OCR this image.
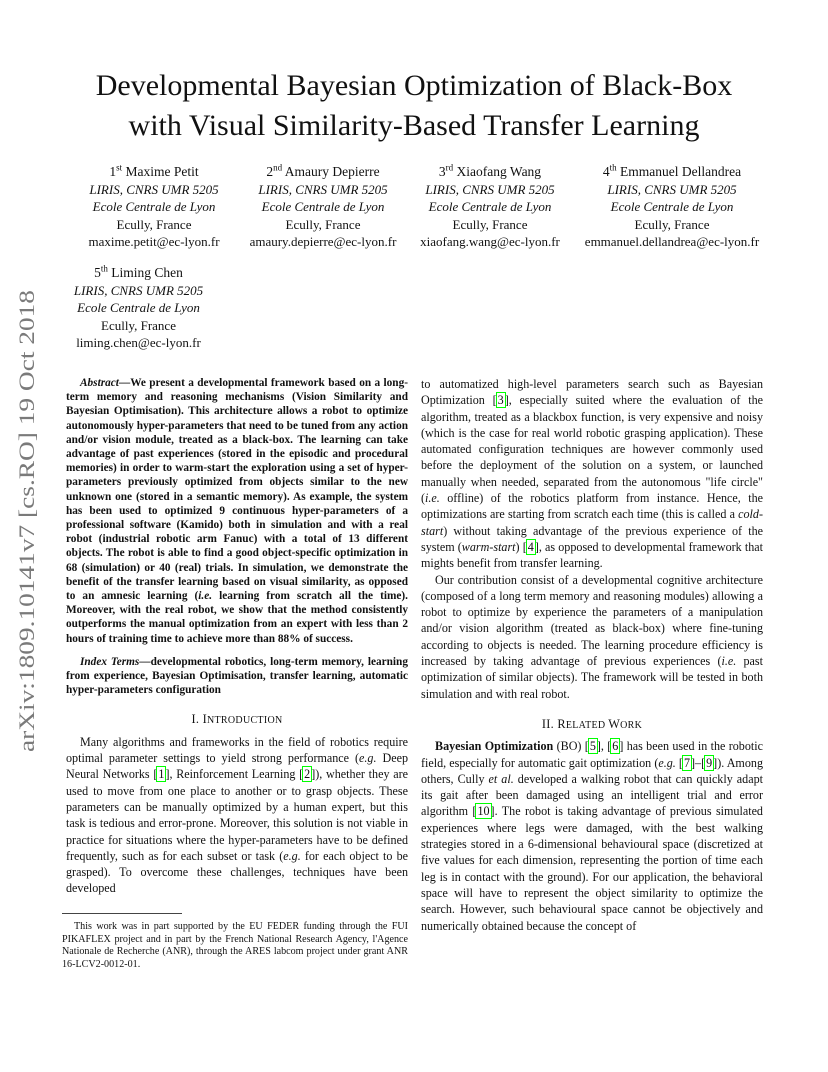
Developmental Bayesian Optimization of Black-Box
with Visual Similarity-Based Transfer Learning
1st Maxime Petit
LIRIS, CNRS UMR 5205
Ecole Centrale de Lyon
Ecully, France
maxime.petit@ec-lyon.fr
2nd Amaury Depierre
LIRIS, CNRS UMR 5205
Ecole Centrale de Lyon
Ecully, France
amaury.depierre@ec-lyon.fr
3rd Xiaofang Wang
LIRIS, CNRS UMR 5205
Ecole Centrale de Lyon
Ecully, France
xiaofang.wang@ec-lyon.fr
4th Emmanuel Dellandrea
LIRIS, CNRS UMR 5205
Ecole Centrale de Lyon
Ecully, France
emmanuel.dellandrea@ec-lyon.fr
5th Liming Chen
LIRIS, CNRS UMR 5205
Ecole Centrale de Lyon
Ecully, France
liming.chen@ec-lyon.fr
arXiv:1809.10141v7 [cs.RO] 19 Oct 2018	Abstract—We present a developmental framework based on a long-term memory and reasoning mechanisms (Vision Similarity and Bayesian Optimisation). This architecture allows a robot to optimize autonomously hyper-parameters that need to be tuned from any action and/or vision module, treated as a black-box. The learning can take advantage of past experiences (stored in the episodic and procedural memories) in order to warm-start the exploration using a set of hyper-parameters previously optimized from objects similar to the new unknown one (stored in a semantic memory). As example, the system has been used to optimized 9 continuous hyper-parameters of a professional software (Kamido) both in simulation and with a real robot (industrial robotic arm Fanuc) with a total of 13 different objects. The robot is able to find a good object-specific optimization in 68 (simulation) or 40 (real) trials. In simulation, we demonstrate the benefit of the transfer learning based on visual similarity, as opposed to an amnesic learning (i.e. learning from scratch all the time). Moreover, with the real robot, we show that the method consistently outperforms the manual optimization from an expert with less than 2 hours of training time to achieve more than 88% of success.

Index Terms—developmental robotics, long-term memory, learning from experience, Bayesian Optimisation, transfer learning, automatic hyper-parameters configuration

I. INTRODUCTION

Many algorithms and frameworks in the field of robotics require optimal parameter settings to yield strong performance (e.g. Deep Neural Networks [1], Reinforcement Learning [2]), whether they are used to move from one place to another or to grasp objects. These parameters can be manually optimized by a human expert, but this task is tedious and error-prone. Moreover, this solution is not viable in practice for situations where the hyper-parameters have to be defined frequently, such as for each subset or task (e.g. for each object to be grasped). To overcome these challenges, techniques have been developed

This work was in part supported by the EU FEDER funding through the FUI PIKAFLEX project and in part by the French National Research Agency, l'Agence Nationale de Recherche (ANR), through the ARES labcom project under grant ANR 16-LCV2-0012-01.

to automatized high-level parameters search such as Bayesian Optimization [3], especially suited where the evaluation of the algorithm, treated as a blackbox function, is very expensive and noisy (which is the case for real world robotic grasping application). These automated configuration techniques are however commonly used before the deployment of the solution on a system, or launched manually when needed, separated from the autonomous "life circle" (i.e. offline) of the robotics platform from instance. Hence, the optimizations are starting from scratch each time (this is called a cold-start) without taking advantage of the previous experience of the system (warm-start) [4], as opposed to developmental framework that mights benefit from transfer learning.

Our contribution consist of a developmental cognitive architecture (composed of a long term memory and reasoning modules) allowing a robot to optimize by experience the parameters of a manipulation and/or vision algorithm (treated as black-box) where fine-tuning according to objects is needed. The learning procedure efficiency is increased by taking advantage of previous experiences (i.e. past optimization of similar objects). The framework will be tested in both simulation and with real robot.

II. RELATED WORK

Bayesian Optimization (BO) [5], [6] has been used in the robotic field, especially for automatic gait optimization (e.g. [7]–[9]). Among others, Cully et al. developed a walking robot that can quickly adapt its gait after been damaged using an intelligent trial and error algorithm [10]. The robot is taking advantage of previous simulated experiences where legs were damaged, with the best walking strategies stored in a 6-dimensional behavioural space (discretized at five values for each dimension, representing the portion of time each leg is in contact with the ground). For our application, the behavioral space will have to represent the object similarity to optimize the search. However, such behavioural space cannot be objectively and numerically obtained because the concept of
